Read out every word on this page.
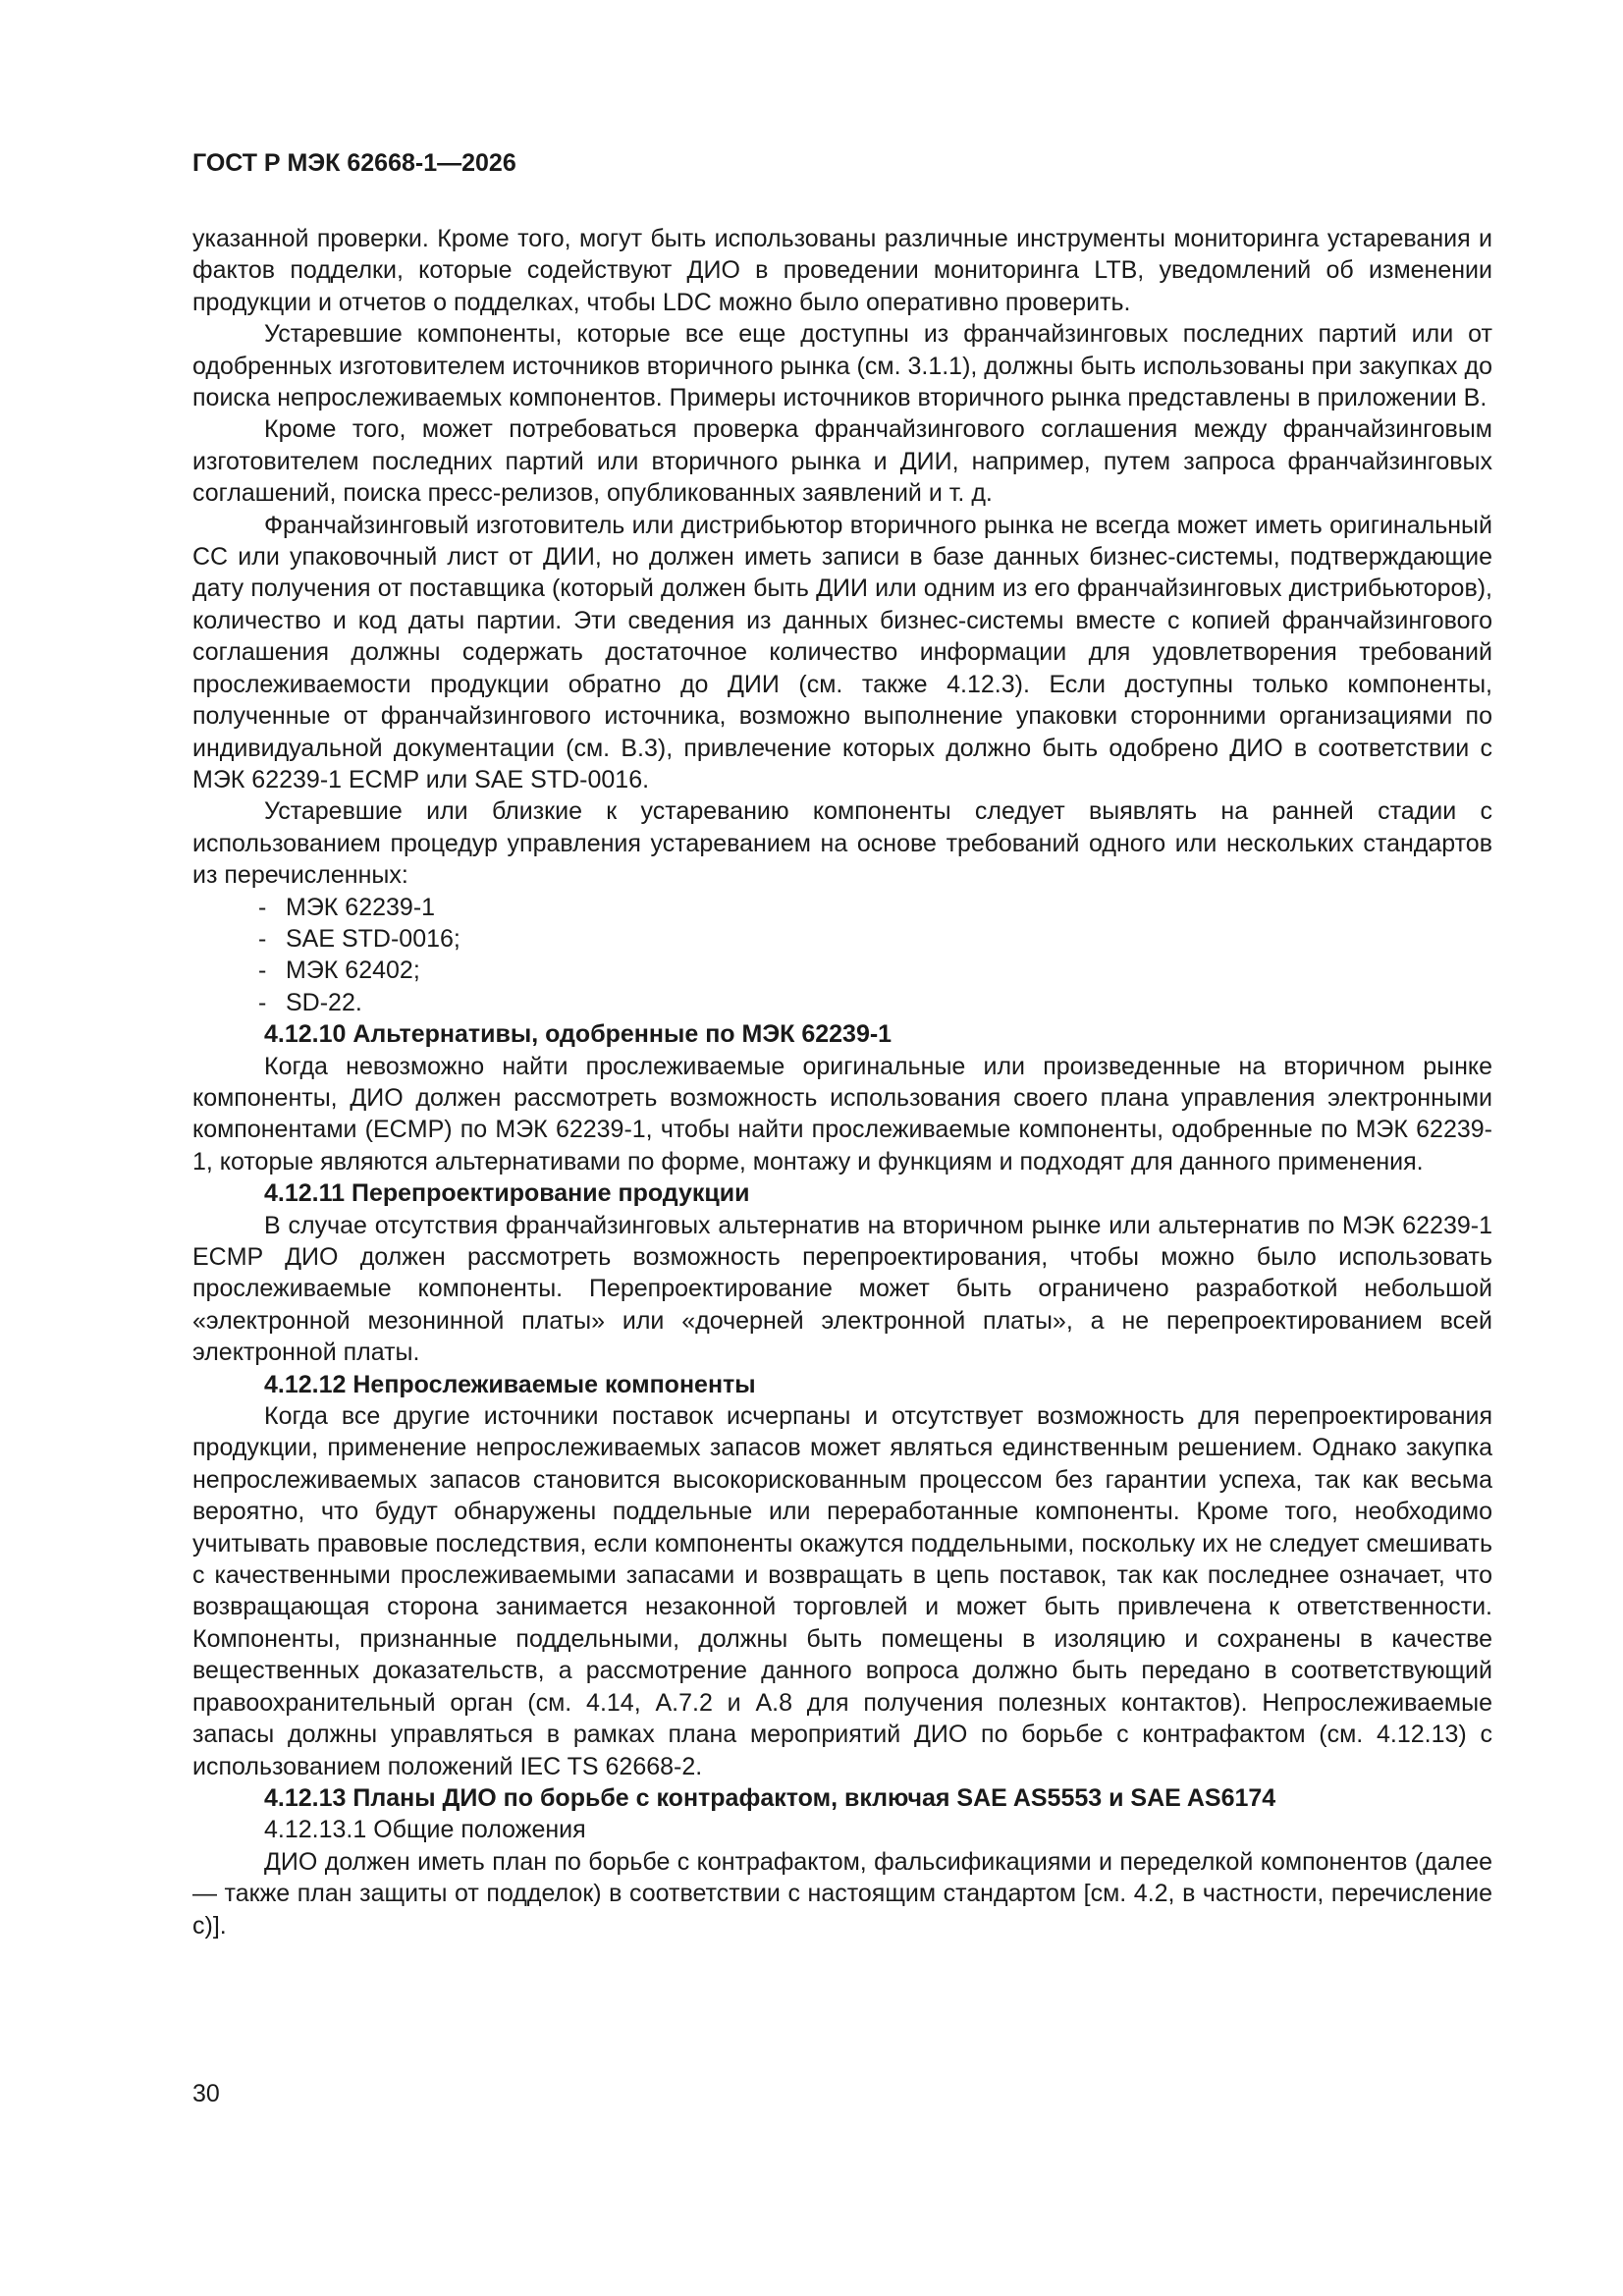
ГОСТ Р МЭК 62668-1—2026

указанной проверки. Кроме того, могут быть использованы различные инструменты мониторинга устаревания и фактов подделки, которые содействуют ДИО в проведении мониторинга LTB, уведомлений об изменении продукции и отчетов о подделках, чтобы LDC можно было оперативно проверить.

Устаревшие компоненты, которые все еще доступны из франчайзинговых последних партий или от одобренных изготовителем источников вторичного рынка (см. 3.1.1), должны быть использованы при закупках до поиска непрослеживаемых компонентов. Примеры источников вторичного рынка представлены в приложении В.

Кроме того, может потребоваться проверка франчайзингового соглашения между франчайзинговым изготовителем последних партий или вторичного рынка и ДИИ, например, путем запроса франчайзинговых соглашений, поиска пресс-релизов, опубликованных заявлений и т. д.

Франчайзинговый изготовитель или дистрибьютор вторичного рынка не всегда может иметь оригинальный СС или упаковочный лист от ДИИ, но должен иметь записи в базе данных бизнес-системы, подтверждающие дату получения от поставщика (который должен быть ДИИ или одним из его франчайзинговых дистрибьюторов), количество и код даты партии. Эти сведения из данных бизнес-системы вместе с копией франчайзингового соглашения должны содержать достаточное количество информации для удовлетворения требований прослеживаемости продукции обратно до ДИИ (см. также 4.12.3). Если доступны только компоненты, полученные от франчайзингового источника, возможно выполнение упаковки сторонними организациями по индивидуальной документации (см. В.3), привлечение которых должно быть одобрено ДИО в соответствии с МЭК 62239-1 ECMP или SAE STD-0016.

Устаревшие или близкие к устареванию компоненты следует выявлять на ранней стадии с использованием процедур управления устареванием на основе требований одного или нескольких стандартов из перечисленных:

- МЭК 62239-1
- SAE STD-0016;
- МЭК 62402;
- SD-22.
4.12.10 Альтернативы, одобренные по МЭК 62239-1

Когда невозможно найти прослеживаемые оригинальные или произведенные на вторичном рынке компоненты, ДИО должен рассмотреть возможность использования своего плана управления электронными компонентами (ECMP) по МЭК 62239-1, чтобы найти прослеживаемые компоненты, одобренные по МЭК 62239-1, которые являются альтернативами по форме, монтажу и функциям и подходят для данного применения.

4.12.11 Перепроектирование продукции

В случае отсутствия франчайзинговых альтернатив на вторичном рынке или альтернатив по МЭК 62239-1 ECMP ДИО должен рассмотреть возможность перепроектирования, чтобы можно было использовать прослеживаемые компоненты. Перепроектирование может быть ограничено разработкой небольшой «электронной мезонинной платы» или «дочерней электронной платы», а не перепроектированием всей электронной платы.

4.12.12 Непрослеживаемые компоненты

Когда все другие источники поставок исчерпаны и отсутствует возможность для перепроектирования продукции, применение непрослеживаемых запасов может являться единственным решением. Однако закупка непрослеживаемых запасов становится высокорискованным процессом без гарантии успеха, так как весьма вероятно, что будут обнаружены поддельные или переработанные компоненты. Кроме того, необходимо учитывать правовые последствия, если компоненты окажутся поддельными, поскольку их не следует смешивать с качественными прослеживаемыми запасами и возвращать в цепь поставок, так как последнее означает, что возвращающая сторона занимается незаконной торговлей и может быть привлечена к ответственности. Компоненты, признанные поддельными, должны быть помещены в изоляцию и сохранены в качестве вещественных доказательств, а рассмотрение данного вопроса должно быть передано в соответствующий правоохранительный орган (см. 4.14, А.7.2 и А.8 для получения полезных контактов). Непрослеживаемые запасы должны управляться в рамках плана мероприятий ДИО по борьбе с контрафактом (см. 4.12.13) с использованием положений IEC TS 62668-2.

4.12.13 Планы ДИО по борьбе с контрафактом, включая SAE AS5553 и SAE AS6174
4.12.13.1 Общие положения

ДИО должен иметь план по борьбе с контрафактом, фальсификациями и переделкой компонентов (далее — также план защиты от подделок) в соответствии с настоящим стандартом [см. 4.2, в частности, перечисление с)].

30
